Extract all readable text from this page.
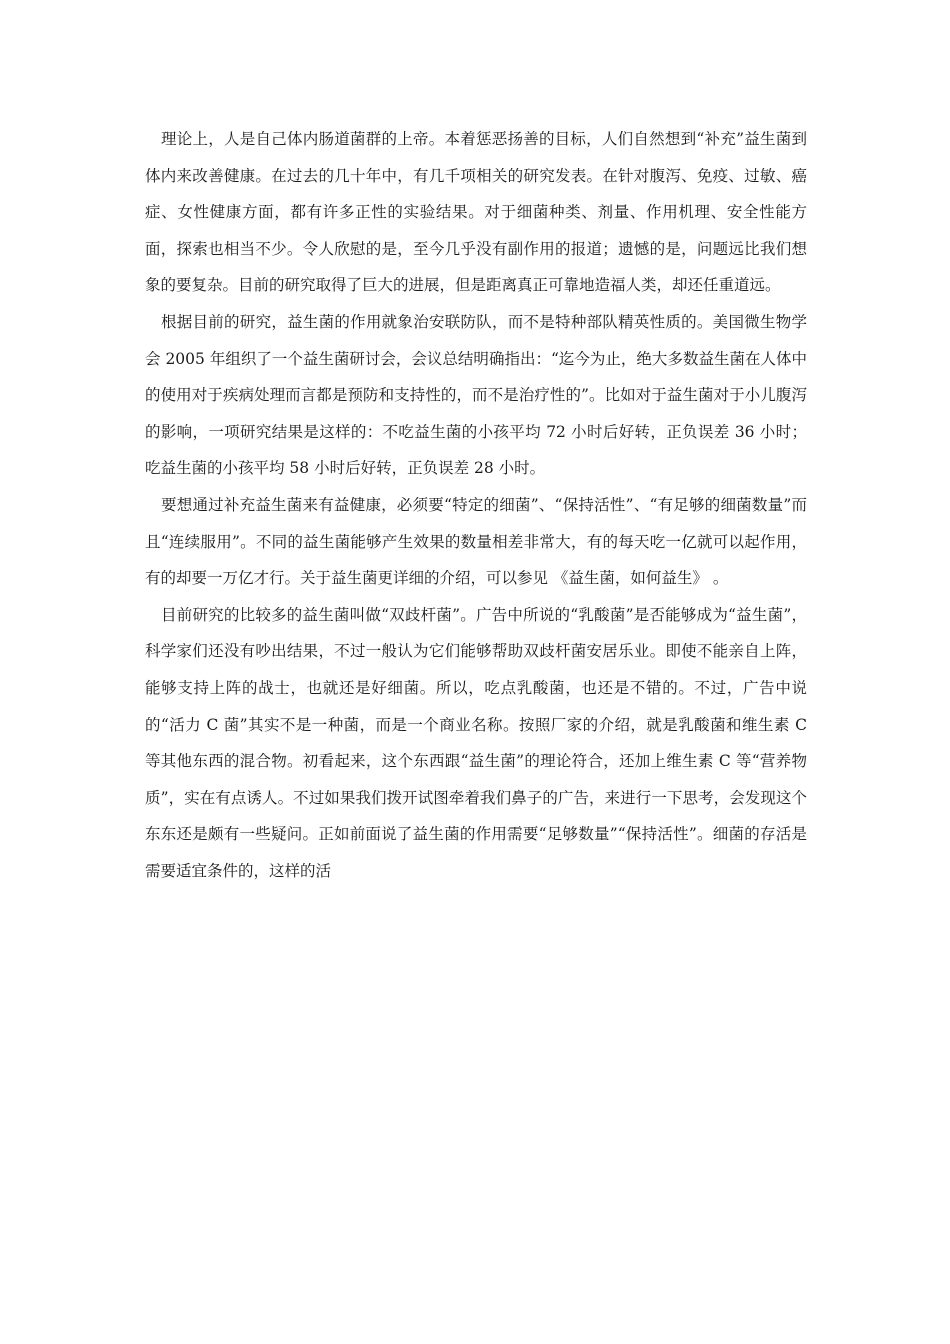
理论上，人是自己体内肠道菌群的上帝。本着惩恶扬善的目标，人们自然想到“补充”益生菌到体内来改善健康。在过去的几十年中，有几千项相关的研究发表。在针对腹泻、免疫、过敏、癌症、女性健康方面，都有许多正性的实验结果。对于细菌种类、剂量、作用机理、安全性能方面，探索也相当不少。令人欣慰的是，至今几乎没有副作用的报道；遗憾的是，问题远比我们想象的要复杂。目前的研究取得了巨大的进展，但是距离真正可靠地造福人类，却还任重道远。

根据目前的研究，益生菌的作用就象治安联防队，而不是特种部队精英性质的。美国微生物学会 2005 年组织了一个益生菌研讨会，会议总结明确指出：“迄今为止，绝大多数益生菌在人体中的使用对于疾病处理而言都是预防和支持性的，而不是治疗性的”。比如对于益生菌对于小儿腹泻的影响，一项研究结果是这样的：不吃益生菌的小孩平均 72 小时后好转，正负误差 36 小时；吃益生菌的小孩平均 58 小时后好转，正负误差 28 小时。

要想通过补充益生菌来有益健康，必须要“特定的细菌”、“保持活性”、“有足够的细菌数量”而且“连续服用”。不同的益生菌能够产生效果的数量相差非常大，有的每天吃一亿就可以起作用，有的却要一万亿才行。关于益生菌更详细的介绍，可以参见 《益生菌，如何益生》 。

目前研究的比较多的益生菌叫做“双歧杆菌”。广告中所说的“乳酸菌”是否能够成为“益生菌”，科学家们还没有吵出结果，不过一般认为它们能够帮助双歧杆菌安居乐业。即使不能亲自上阵，能够支持上阵的战士，也就还是好细菌。所以，吃点乳酸菌，也还是不错的。不过，广告中说的“活力 C 菌”其实不是一种菌，而是一个商业名称。按照厂家的介绍，就是乳酸菌和维生素 C 等其他东西的混合物。初看起来，这个东西跟“益生菌”的理论符合，还加上维生素 C 等“营养物质”，实在有点诱人。不过如果我们拨开试图牵着我们鼻子的广告，来进行一下思考，会发现这个东东还是颇有一些疑问。正如前面说了益生菌的作用需要“足够数量”“保持活性”。细菌的存活是需要适宜条件的，这样的活
